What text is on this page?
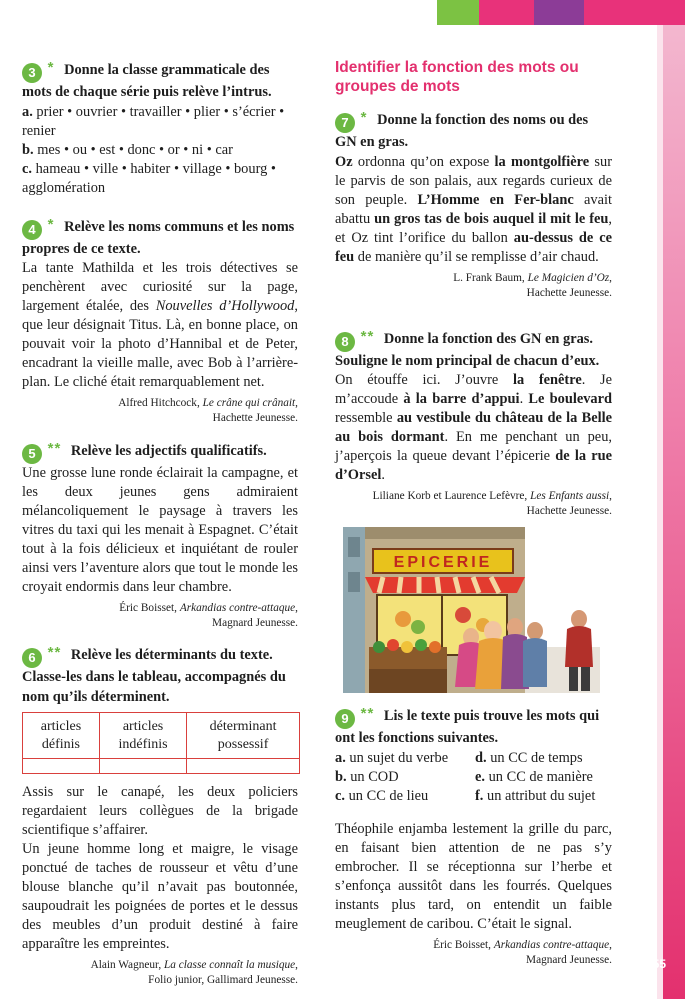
3 * Donne la classe grammaticale des mots de chaque série puis relève l’intrus.

a. prier • ouvrier • travailler • plier • s’écrier • renier

b. mes • ou • est • donc • or • ni • car

c. hameau • ville • habiter • village • bourg • agglomération

4 * Relève les noms communs et les noms propres de ce texte.

La tante Mathilda et les trois détectives se penchèrent avec curiosité sur la page, largement étalée, des Nouvelles d’Hollywood, que leur désignait Titus. Là, en bonne place, on pouvait voir la photo d’Hannibal et de Peter, encadrant la vieille malle, avec Bob à l’arrière-plan. Le cliché était remarquablement net.

Alfred Hitchcock, Le crâne qui crânait,
Hachette Jeunesse.
5 ** Relève les adjectifs qualificatifs.

Une grosse lune ronde éclairait la campagne, et les deux jeunes gens admiraient mélancoliquement le paysage à travers les vitres du taxi qui les menait à Espagnet. C’était tout à la fois délicieux et inquiétant de rouler ainsi vers l’aventure alors que tout le monde les croyait endormis dans leur chambre.

Éric Boisset, Arkandias contre-attaque,
Magnard Jeunesse.
6 ** Relève les déterminants du texte. Classe-les dans le tableau, accompagnés du nom qu’ils déterminent.
articles définis	articles indéfinis	déterminant possessif

Assis sur le canapé, les deux policiers regardaient leurs collègues de la brigade scientifique s’affairer.

Un jeune homme long et maigre, le visage ponctué de taches de rousseur et vêtu d’une blouse blanche qu’il n’avait pas boutonnée, saupoudrait les poignées de portes et le dessus des meubles d’un produit destiné à faire apparaître les empreintes.

Alain Wagneur, La classe connaît la musique,
Folio junior, Gallimard Jeunesse.
Identifier la fonction des mots ou groupes de mots
7 * Donne la fonction des noms ou des GN en gras.

Oz ordonna qu’on expose la montgolfière sur le parvis de son palais, aux regards curieux de son peuple. L’Homme en Fer-blanc avait abattu un gros tas de bois auquel il mit le feu, et Oz tint l’orifice du ballon au-dessus de ce feu de manière qu’il se remplisse d’air chaud.

L. Frank Baum, Le Magicien d’Oz,
Hachette Jeunesse.
8 ** Donne la fonction des GN en gras. Souligne le nom principal de chacun d’eux.

On étouffe ici. J’ouvre la fenêtre. Je m’accoude à la barre d’appui. Le boulevard ressemble au vestibule du château de la Belle au bois dormant. En me penchant un peu, j’aperçois la queue devant l’épicerie de la rue d’Orsel.

Liliane Korb et Laurence Lefèvre, Les Enfants aussi,
Hachette Jeunesse.
EPICERIE
9 ** Lis le texte puis trouve les mots qui ont les fonctions suivantes.
a. un sujet du verbe	d. un CC de temps
b. un COD	e. un CC de manière
c. un CC de lieu	f. un attribut du sujet

Théophile enjamba lestement la grille du parc, en faisant bien attention de ne pas s’y embrocher. Il se réceptionna sur l’herbe et s’enfonça aussitôt dans les fourrés. Quelques instants plus tard, on entendit un faible meuglement de caribou. C’était le signal.

Éric Boisset, Arkandias contre-attaque,
Magnard Jeunesse.	55
